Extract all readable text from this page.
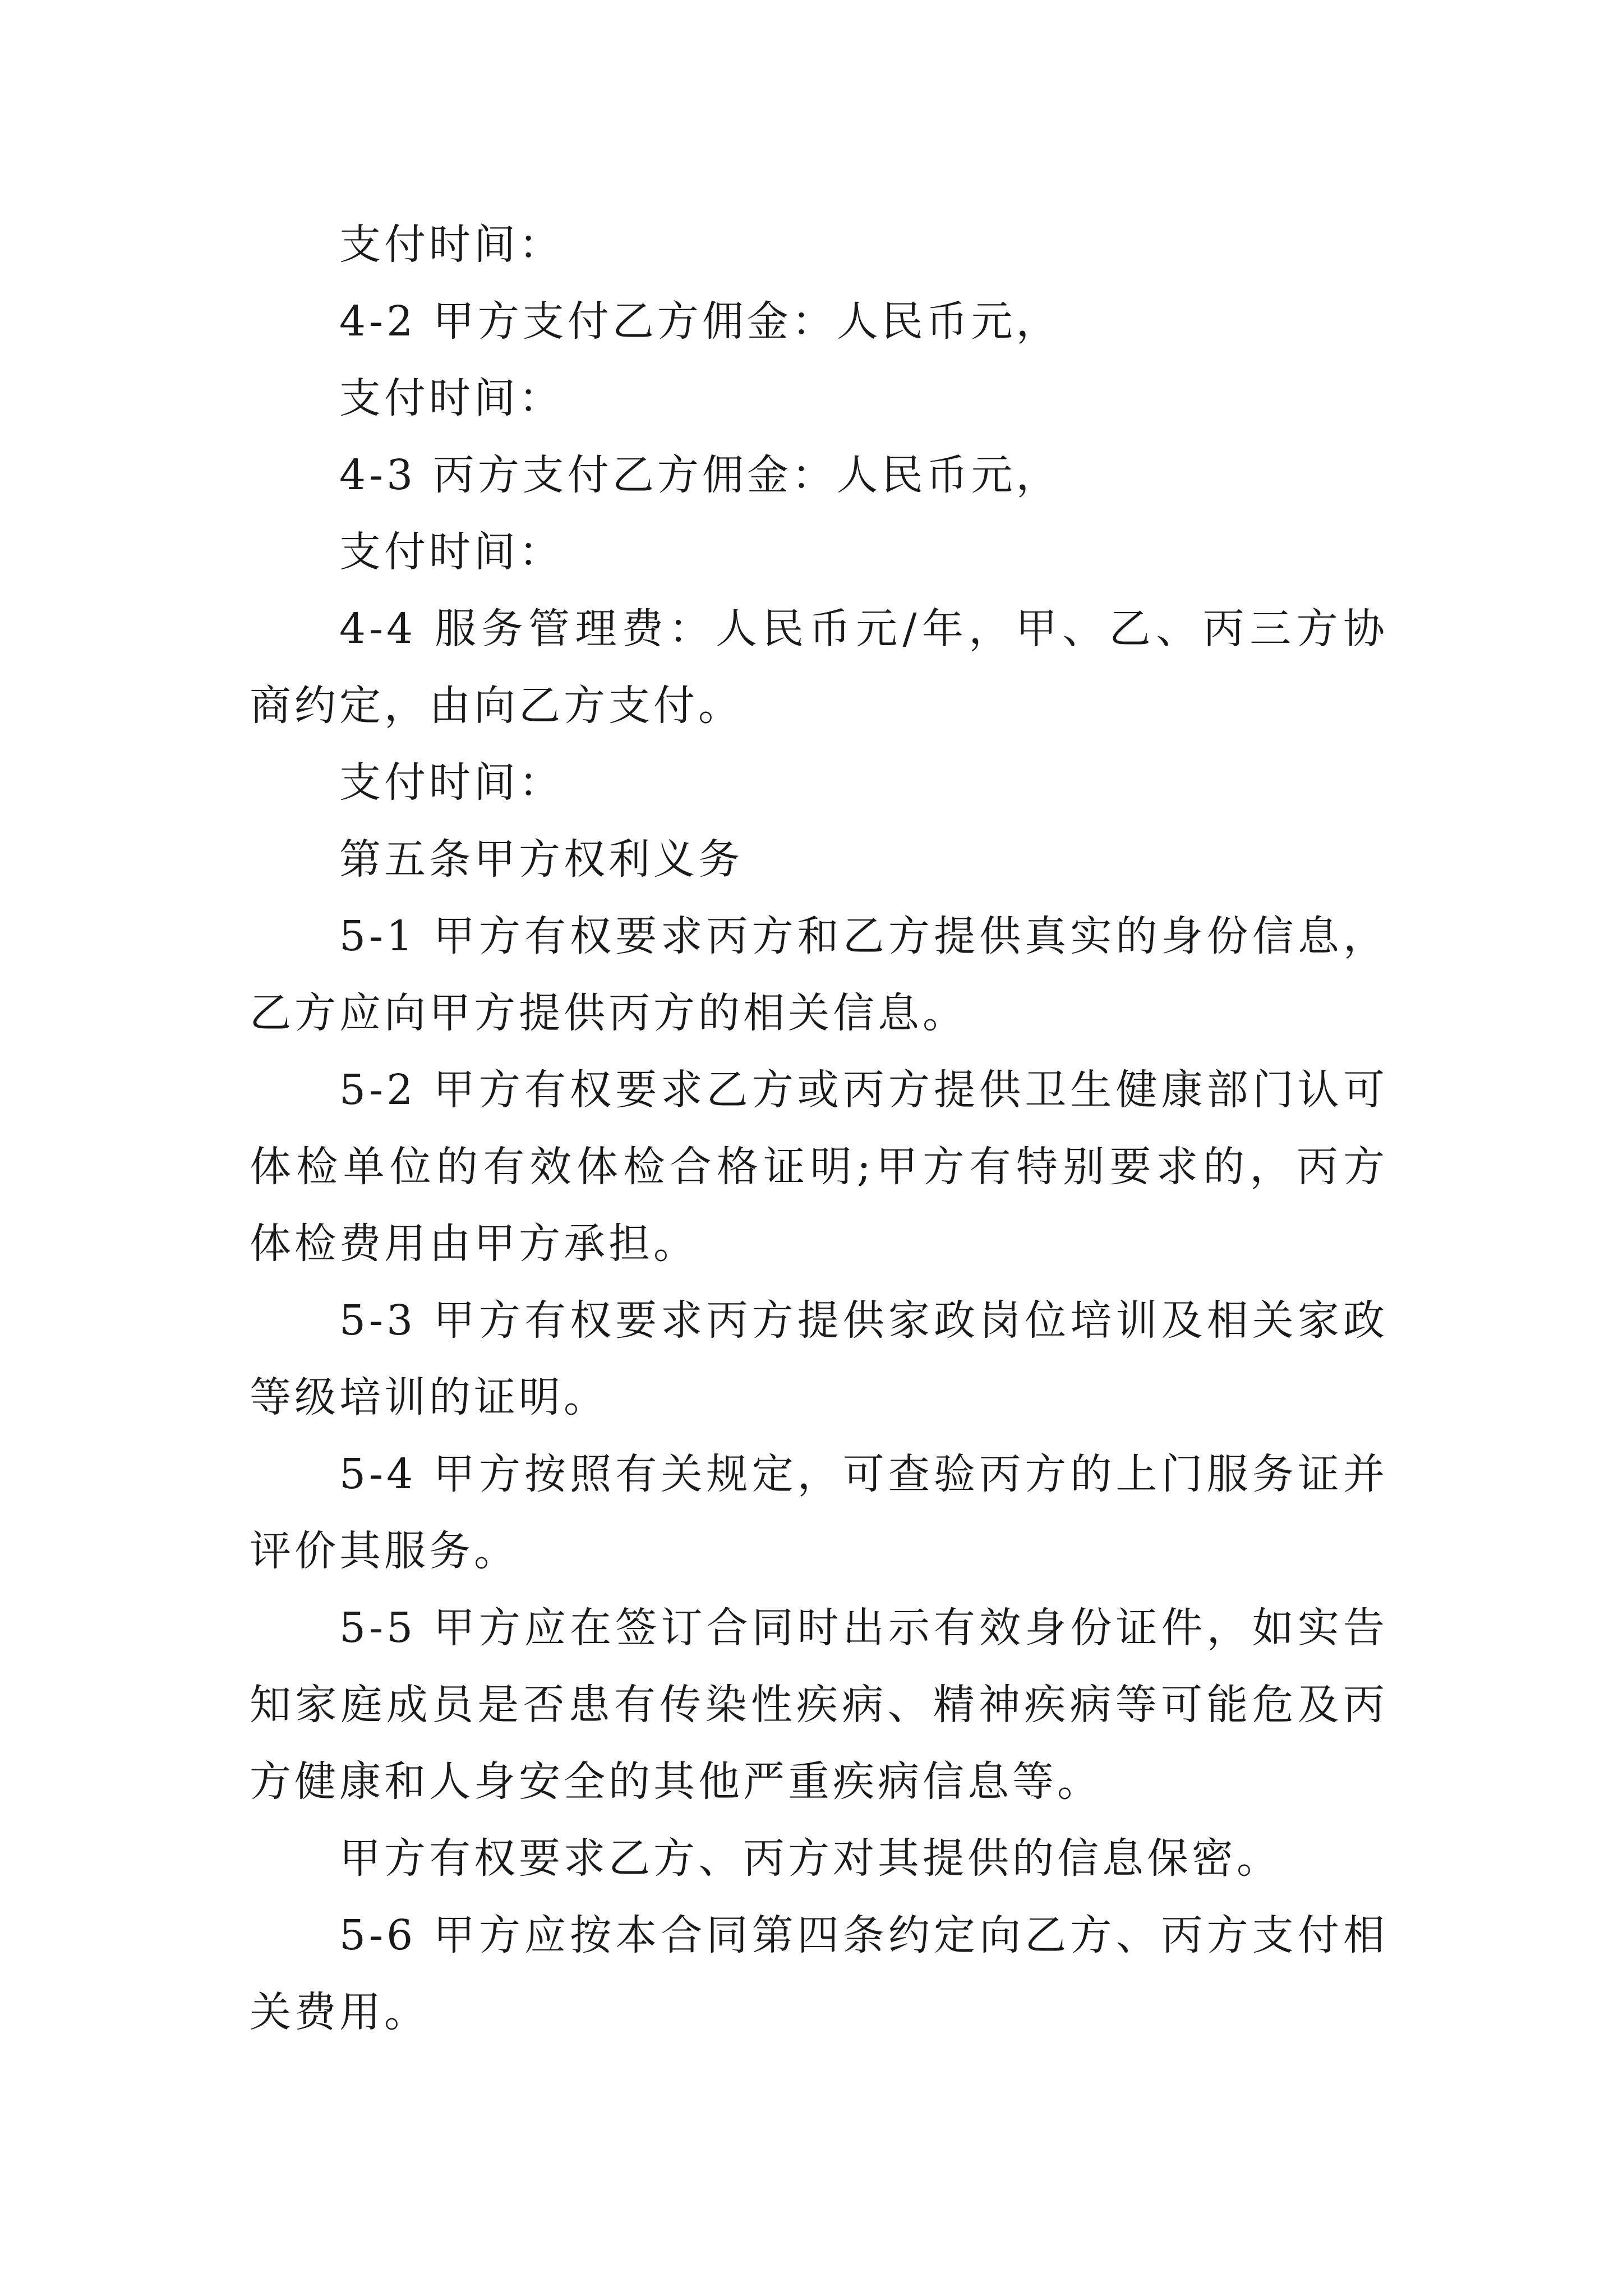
支付时间：

4-2 甲方支付乙方佣金：人民币元，

支付时间：

4-3 丙方支付乙方佣金：人民币元，

支付时间：

4-4 服务管理费：人民币元/年，甲、乙、丙三方协商约定，由向乙方支付。

支付时间：

第五条甲方权利义务

5-1 甲方有权要求丙方和乙方提供真实的身份信息，乙方应向甲方提供丙方的相关信息。

5-2 甲方有权要求乙方或丙方提供卫生健康部门认可体检单位的有效体检合格证明;甲方有特别要求的，丙方体检费用由甲方承担。

5-3 甲方有权要求丙方提供家政岗位培训及相关家政等级培训的证明。

5-4 甲方按照有关规定，可查验丙方的上门服务证并评价其服务。

5-5 甲方应在签订合同时出示有效身份证件，如实告知家庭成员是否患有传染性疾病、精神疾病等可能危及丙方健康和人身安全的其他严重疾病信息等。

甲方有权要求乙方、丙方对其提供的信息保密。

5-6 甲方应按本合同第四条约定向乙方、丙方支付相关费用。
